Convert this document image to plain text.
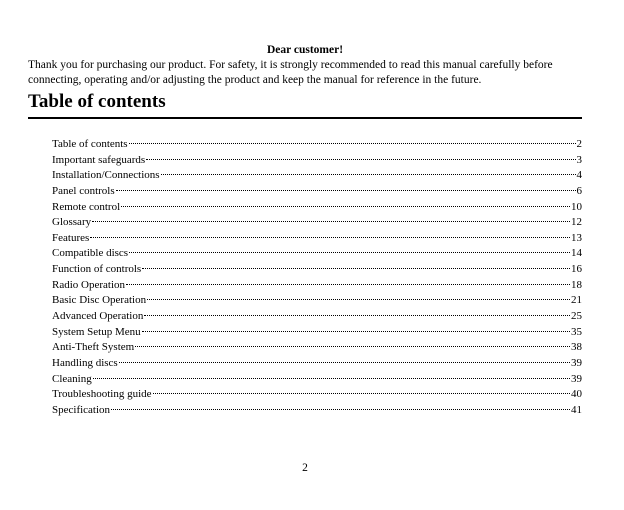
Dear customer!
Thank you for purchasing our product. For safety, it is strongly recommended to read this manual carefully before connecting, operating and/or adjusting the product and keep the manual for reference in the future.
Table of contents
Table of contents	2
Important safeguards	3
Installation/Connections	4
Panel controls	6
Remote control	10
Glossary	12
Features	13
Compatible discs	14
Function of controls	16
Radio Operation	18
Basic Disc Operation	21
Advanced Operation	25
System Setup Menu	35
Anti-Theft System	38
Handling discs	39
Cleaning	39
Troubleshooting guide	40
Specification	41
2
